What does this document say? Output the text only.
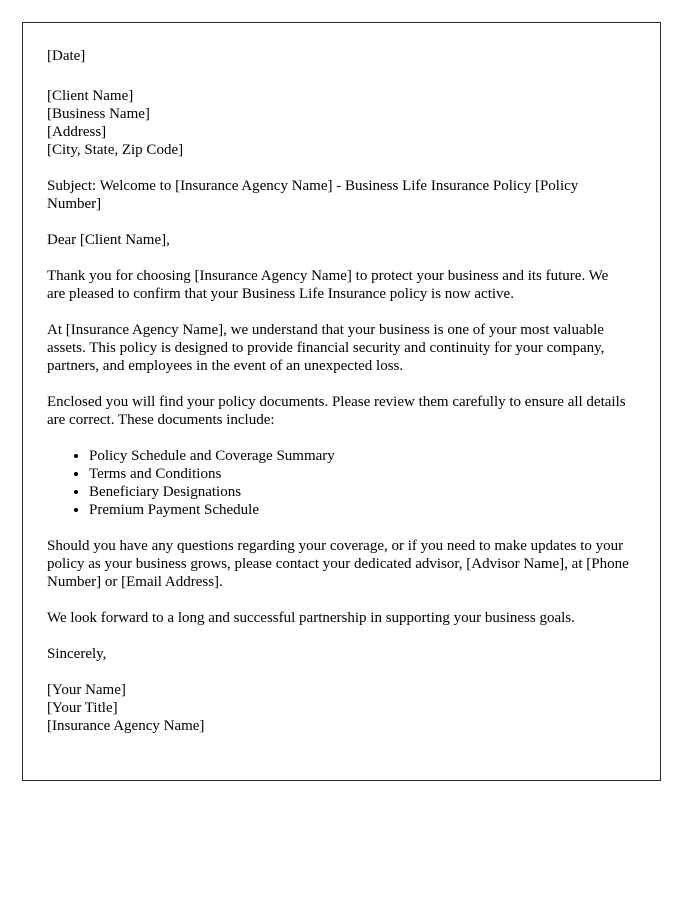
[Date]
[Client Name]
[Business Name]
[Address]
[City, State, Zip Code]

Subject: Welcome to [Insurance Agency Name] - Business Life Insurance Policy [Policy Number]

Dear [Client Name],

Thank you for choosing [Insurance Agency Name] to protect your business and its future. We are pleased to confirm that your Business Life Insurance policy is now active.

At [Insurance Agency Name], we understand that your business is one of your most valuable assets. This policy is designed to provide financial security and continuity for your company, partners, and employees in the event of an unexpected loss.

Enclosed you will find your policy documents. Please review them carefully to ensure all details are correct. These documents include:

• Policy Schedule and Coverage Summary
• Terms and Conditions
• Beneficiary Designations
• Premium Payment Schedule

Should you have any questions regarding your coverage, or if you need to make updates to your policy as your business grows, please contact your dedicated advisor, [Advisor Name], at [Phone Number] or [Email Address].

We look forward to a long and successful partnership in supporting your business goals.

Sincerely,
[Your Name]
[Your Title]
[Insurance Agency Name]
